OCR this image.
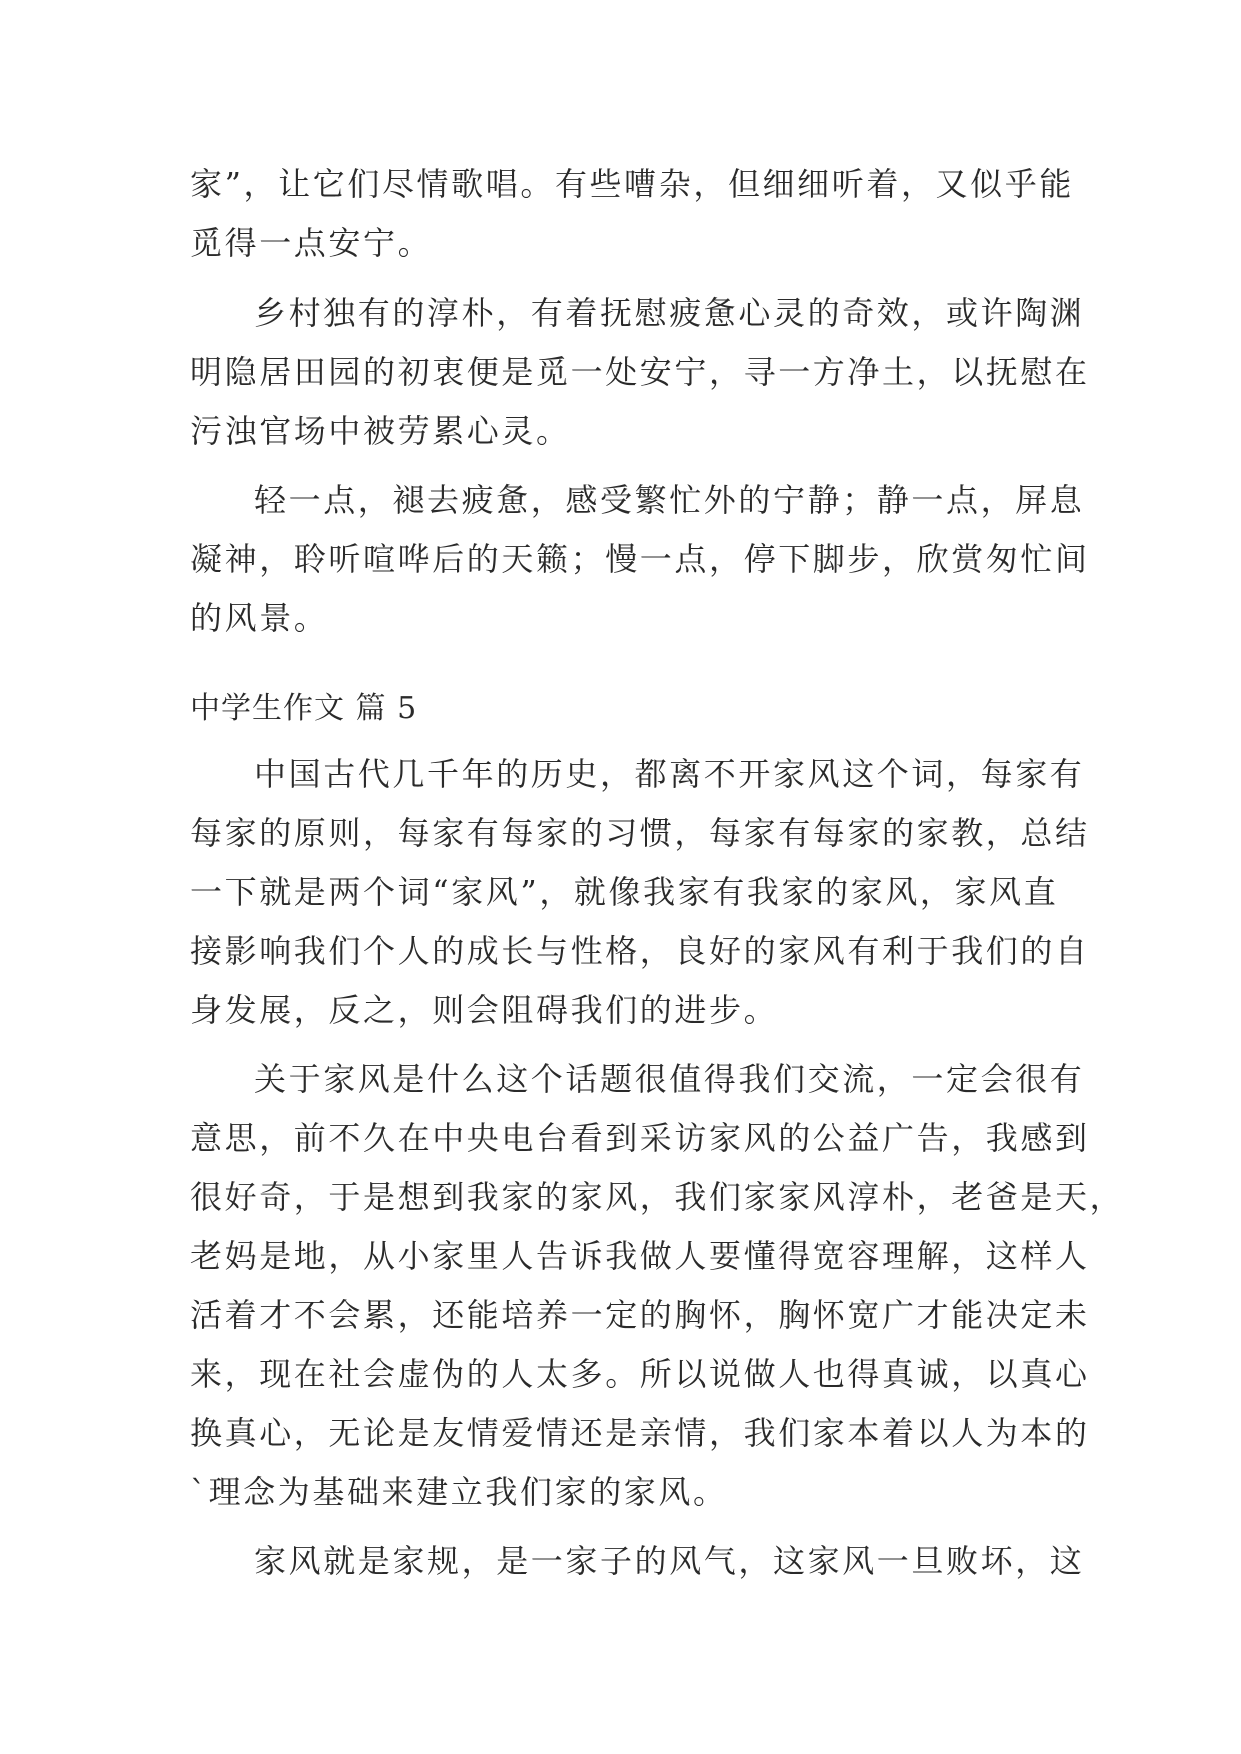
家”，让它们尽情歌唱。有些嘈杂，但细细听着，又似乎能
觅得一点安宁。
乡村独有的淳朴，有着抚慰疲惫心灵的奇效，或许陶渊
明隐居田园的初衷便是觅一处安宁，寻一方净土，以抚慰在
污浊官场中被劳累心灵。
轻一点，褪去疲惫，感受繁忙外的宁静；静一点，屏息
凝神，聆听喧哗后的天籁；慢一点，停下脚步，欣赏匆忙间
的风景。
中学生作文 篇 5
中国古代几千年的历史，都离不开家风这个词，每家有
每家的原则，每家有每家的习惯，每家有每家的家教，总结
一下就是两个词“家风”，就像我家有我家的家风，家风直
接影响我们个人的成长与性格，良好的家风有利于我们的自
身发展，反之，则会阻碍我们的进步。
关于家风是什么这个话题很值得我们交流，一定会很有
意思，前不久在中央电台看到采访家风的公益广告，我感到
很好奇，于是想到我家的家风，我们家家风淳朴，老爸是天，
老妈是地，从小家里人告诉我做人要懂得宽容理解，这样人
活着才不会累，还能培养一定的胸怀，胸怀宽广才能决定未
来，现在社会虚伪的人太多。所以说做人也得真诚，以真心
换真心，无论是友情爱情还是亲情，我们家本着以人为本的
`理念为基础来建立我们家的家风。
家风就是家规，是一家子的风气，这家风一旦败坏，这
